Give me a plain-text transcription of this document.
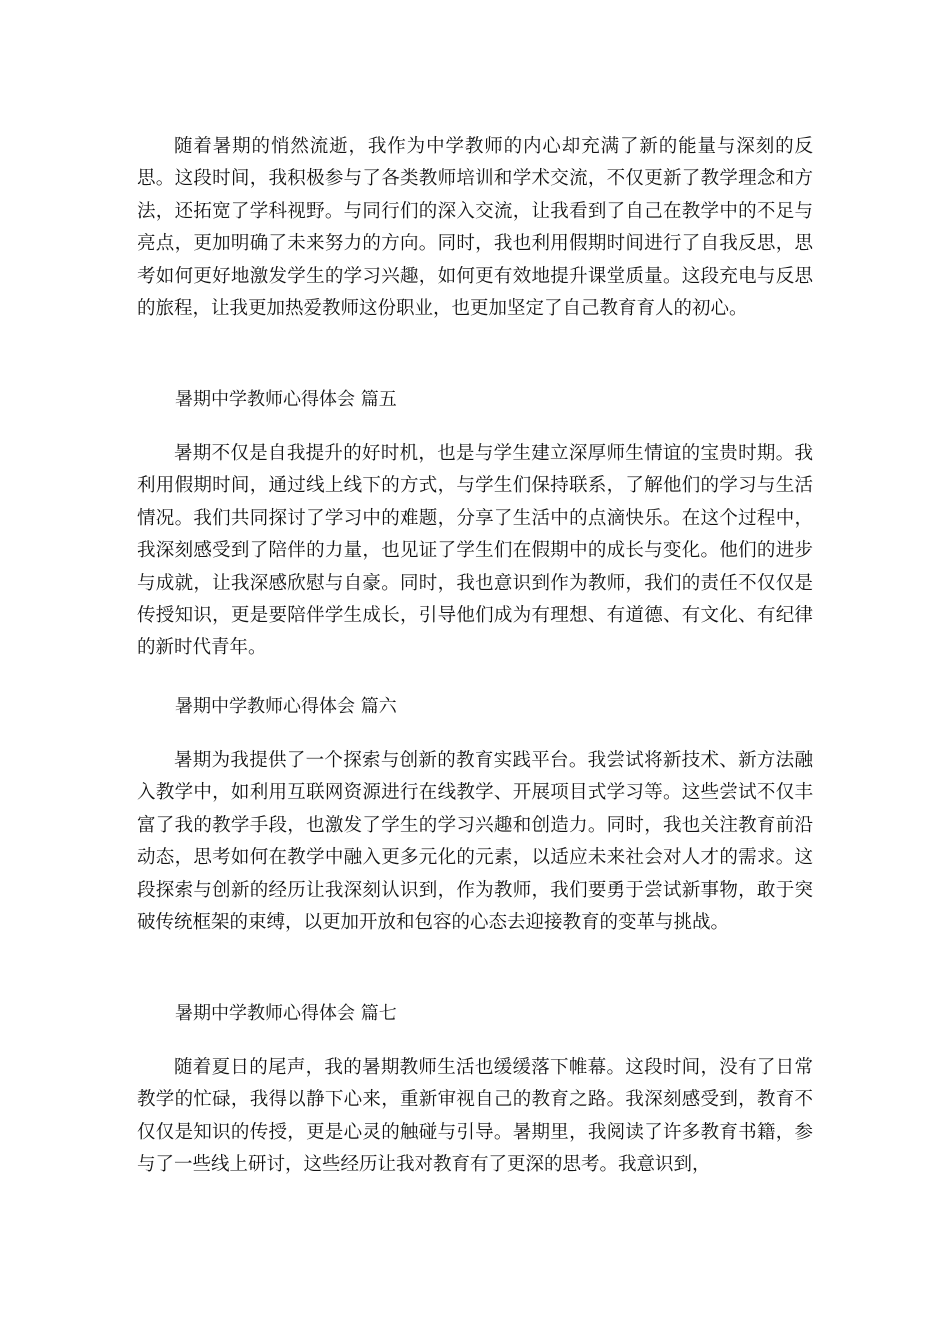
随着暑期的悄然流逝，我作为中学教师的内心却充满了新的能量与深刻的反思。这段时间，我积极参与了各类教师培训和学术交流，不仅更新了教学理念和方法，还拓宽了学科视野。与同行们的深入交流，让我看到了自己在教学中的不足与亮点，更加明确了未来努力的方向。同时，我也利用假期时间进行了自我反思，思考如何更好地激发学生的学习兴趣，如何更有效地提升课堂质量。这段充电与反思的旅程，让我更加热爱教师这份职业，也更加坚定了自己教育育人的初心。

暑期中学教师心得体会 篇五

暑期不仅是自我提升的好时机，也是与学生建立深厚师生情谊的宝贵时期。我利用假期时间，通过线上线下的方式，与学生们保持联系，了解他们的学习与生活情况。我们共同探讨了学习中的难题，分享了生活中的点滴快乐。在这个过程中，我深刻感受到了陪伴的力量，也见证了学生们在假期中的成长与变化。他们的进步与成就，让我深感欣慰与自豪。同时，我也意识到作为教师，我们的责任不仅仅是传授知识，更是要陪伴学生成长，引导他们成为有理想、有道德、有文化、有纪律的新时代青年。

暑期中学教师心得体会 篇六

暑期为我提供了一个探索与创新的教育实践平台。我尝试将新技术、新方法融入教学中，如利用互联网资源进行在线教学、开展项目式学习等。这些尝试不仅丰富了我的教学手段，也激发了学生的学习兴趣和创造力。同时，我也关注教育前沿动态，思考如何在教学中融入更多元化的元素，以适应未来社会对人才的需求。这段探索与创新的经历让我深刻认识到，作为教师，我们要勇于尝试新事物，敢于突破传统框架的束缚，以更加开放和包容的心态去迎接教育的变革与挑战。

暑期中学教师心得体会 篇七

随着夏日的尾声，我的暑期教师生活也缓缓落下帷幕。这段时间，没有了日常教学的忙碌，我得以静下心来，重新审视自己的教育之路。我深刻感受到，教育不仅仅是知识的传授，更是心灵的触碰与引导。暑期里，我阅读了许多教育书籍，参与了一些线上研讨，这些经历让我对教育有了更深的思考。我意识到，
